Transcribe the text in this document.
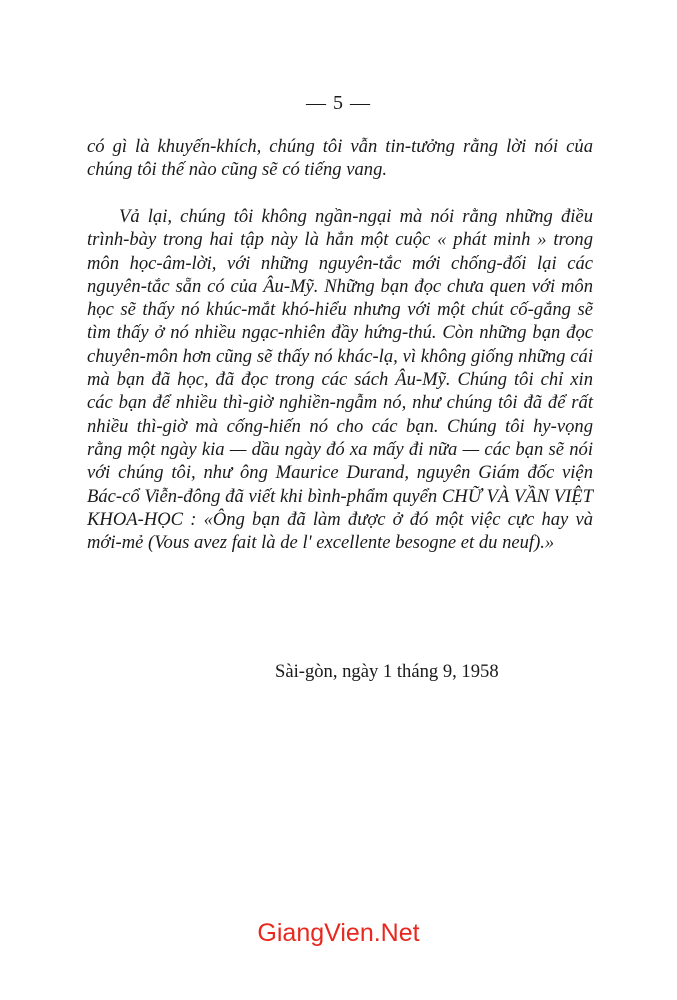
— 5 —

có gì là khuyến-khích, chúng tôi vẫn tin-tưởng rằng lời nói của chúng tôi thế nào cũng sẽ có tiếng vang.

Vả lại, chúng tôi không ngần-ngại mà nói rằng những điều trình-bày trong hai tập này là hẳn một cuộc « phát minh » trong môn học-âm-lời, với những nguyên-tắc mới chống-đối lại các nguyên-tắc sẵn có của Âu-Mỹ. Những bạn đọc chưa quen với môn học sẽ thấy nó khúc-mắt khó-hiểu nhưng với một chút cố-gắng sẽ tìm thấy ở nó nhiều ngạc-nhiên đầy hứng-thú. Còn những bạn đọc chuyên-môn hơn cũng sẽ thấy nó khác-lạ, vì không giống những cái mà bạn đã học, đã đọc trong các sách Âu-Mỹ. Chúng tôi chỉ xin các bạn để nhiều thì-giờ nghiền-ngẫm nó, như chúng tôi đã để rất nhiều thì-giờ mà cống-hiến nó cho các bạn. Chúng tôi hy-vọng rằng một ngày kia — dầu ngày đó xa mấy đi nữa — các bạn sẽ nói với chúng tôi, như ông Maurice Durand, nguyên Giám đốc viện Bác-cổ Viễn-đông đã viết khi bình-phẩm quyển CHỮ VÀ VẦN VIỆT KHOA-HỌC : «Ông bạn đã làm được ở đó một việc cực hay và mới-mẻ (Vous avez fait là de l' excellente besogne et du neuf).»

Sài-gòn, ngày 1 tháng 9, 1958
GiangVien.Net
